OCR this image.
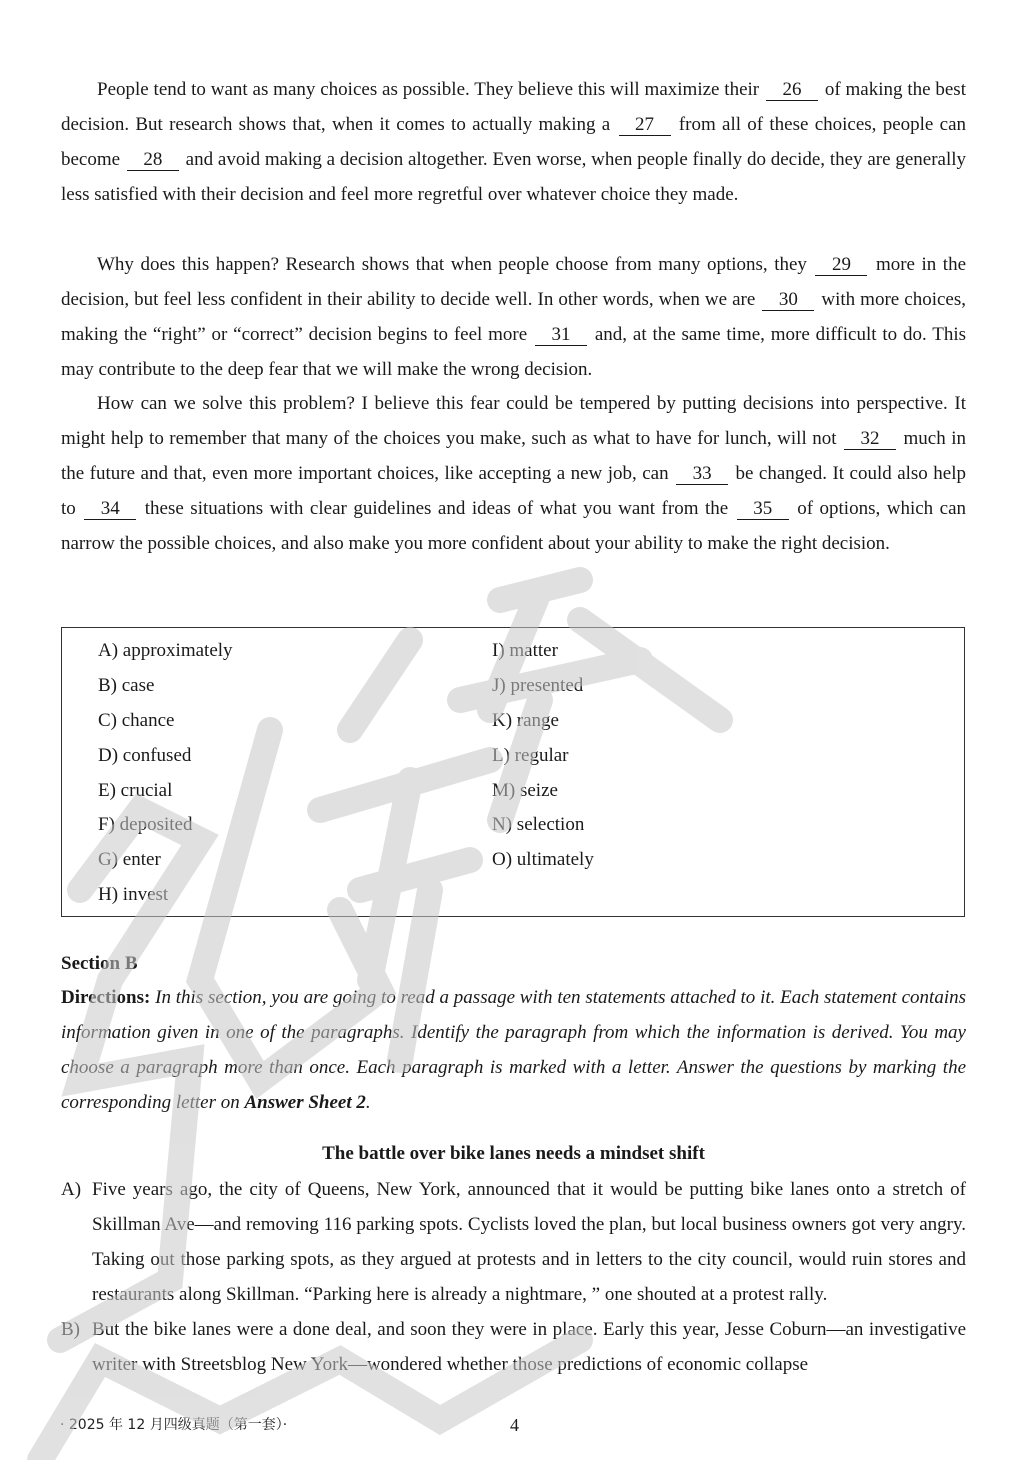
People tend to want as many choices as possible. They believe this will maximize their 26 of making the best decision. But research shows that, when it comes to actually making a 27 from all of these choices, people can become 28 and avoid making a decision altogether. Even worse, when people finally do decide, they are generally less satisfied with their decision and feel more regretful over whatever choice they made.
Why does this happen? Research shows that when people choose from many options, they 29 more in the decision, but feel less confident in their ability to decide well. In other words, when we are 30 with more choices, making the “right” or “correct” decision begins to feel more 31 and, at the same time, more difficult to do. This may contribute to the deep fear that we will make the wrong decision.
How can we solve this problem? I believe this fear could be tempered by putting decisions into perspective. It might help to remember that many of the choices you make, such as what to have for lunch, will not 32 much in the future and that, even more important choices, like accepting a new job, can 33 be changed. It could also help to 34 these situations with clear guidelines and ideas of what you want from the 35 of options, which can narrow the possible choices, and also make you more confident about your ability to make the right decision.
A) approximately
B) case
C) chance
D) confused
E) crucial
F) deposited
G) enter
H) invest
I) matter
J) presented
K) range
L) regular
M) seize
N) selection
O) ultimately
Section B

Directions: In this section, you are going to read a passage with ten statements attached to it. Each statement contains information given in one of the paragraphs. Identify the paragraph from which the information is derived. You may choose a paragraph more than once. Each paragraph is marked with a letter. Answer the questions by marking the corresponding letter on Answer Sheet 2.

The battle over bike lanes needs a mindset shift
A) Five years ago, the city of Queens, New York, announced that it would be putting bike lanes onto a stretch of Skillman Ave—and removing 116 parking spots. Cyclists loved the plan, but local business owners got very angry. Taking out those parking spots, as they argued at protests and in letters to the city council, would ruin stores and restaurants along Skillman. “Parking here is already a nightmare, ” one shouted at a protest rally.
B) But the bike lanes were a done deal, and soon they were in place. Early this year, Jesse Coburn—an investigative writer with Streetsblog New York—wondered whether those predictions of economic collapse
· 2025 年 12 月四级真题（第一套）·	4
